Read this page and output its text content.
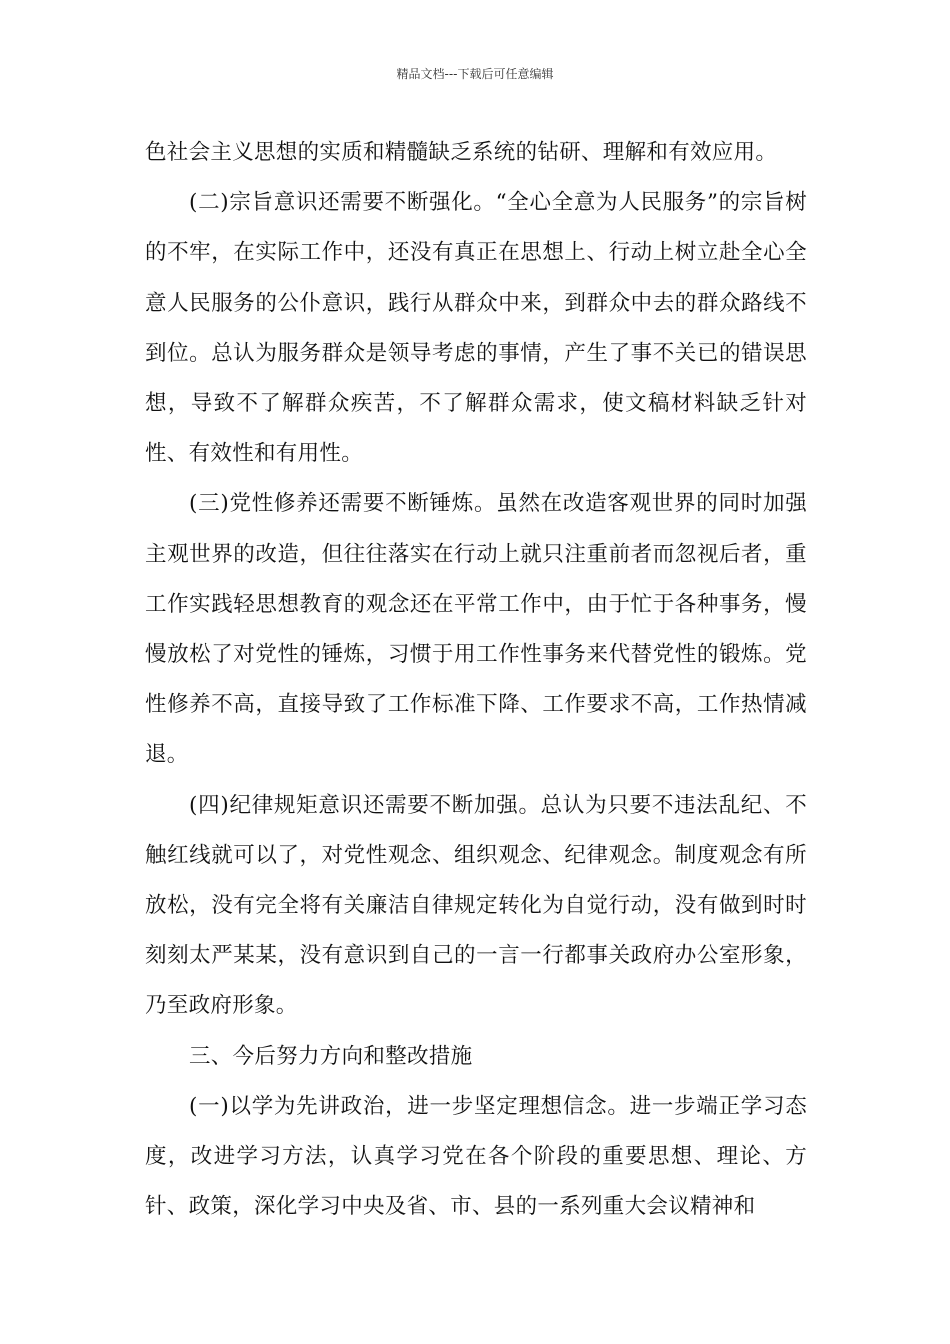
精品文档---下载后可任意编辑

色社会主义思想的实质和精髓缺乏系统的钻研、理解和有效应用。

(二)宗旨意识还需要不断强化。“全心全意为人民服务”的宗旨树的不牢，在实际工作中，还没有真正在思想上、行动上树立赴全心全意人民服务的公仆意识，践行从群众中来，到群众中去的群众路线不到位。总认为服务群众是领导考虑的事情，产生了事不关已的错误思想，导致不了解群众疾苦，不了解群众需求，使文稿材料缺乏针对性、有效性和有用性。

(三)党性修养还需要不断锤炼。虽然在改造客观世界的同时加强主观世界的改造，但往往落实在行动上就只注重前者而忽视后者，重工作实践轻思想教育的观念还在平常工作中，由于忙于各种事务，慢慢放松了对党性的锤炼，习惯于用工作性事务来代替党性的锻炼。党性修养不高，直接导致了工作标准下降、工作要求不高，工作热情减退。

(四)纪律规矩意识还需要不断加强。总认为只要不违法乱纪、不触红线就可以了，对党性观念、组织观念、纪律观念。制度观念有所放松，没有完全将有关廉洁自律规定转化为自觉行动，没有做到时时刻刻太严某某，没有意识到自己的一言一行都事关政府办公室形象，乃至政府形象。

三、今后努力方向和整改措施

(一)以学为先讲政治，进一步坚定理想信念。进一步端正学习态度，改进学习方法，认真学习党在各个阶段的重要思想、理论、方针、政策，深化学习中央及省、市、县的一系列重大会议精神和
